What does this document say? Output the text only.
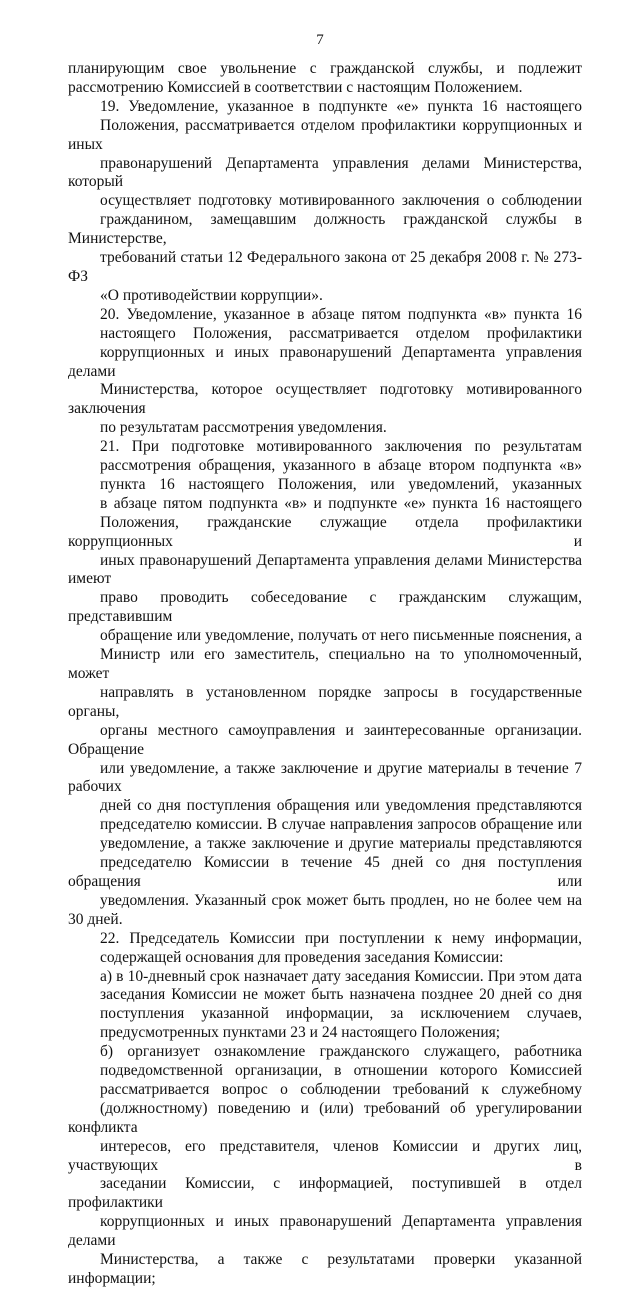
7

планирующим свое увольнение с гражданской службы, и подлежит
рассмотрению Комиссией в соответствии с настоящим Положением.

19. Уведомление, указанное в подпункте «е» пункта 16 настоящего
Положения, рассматривается отделом профилактики коррупционных и иных
правонарушений Департамента управления делами Министерства, который
осуществляет подготовку мотивированного заключения о соблюдении
гражданином, замещавшим должность гражданской службы в Министерстве,
требований статьи 12 Федерального закона от 25 декабря 2008 г. № 273-ФЗ
«О противодействии коррупции».

20. Уведомление, указанное в абзаце пятом подпункта «в» пункта 16
настоящего Положения, рассматривается отделом профилактики
коррупционных и иных правонарушений Департамента управления делами
Министерства, которое осуществляет подготовку мотивированного заключения
по результатам рассмотрения уведомления.

21. При подготовке мотивированного заключения по результатам
рассмотрения обращения, указанного в абзаце втором подпункта «в»
пункта 16 настоящего Положения, или уведомлений, указанных
в абзаце пятом подпункта «в» и подпункте «е» пункта 16 настоящего
Положения, гражданские служащие отдела профилактики коррупционных и
иных правонарушений Департамента управления делами Министерства имеют
право проводить собеседование с гражданским служащим, представившим
обращение или уведомление, получать от него письменные пояснения, а
Министр или его заместитель, специально на то уполномоченный, может
направлять в установленном порядке запросы в государственные органы,
органы местного самоуправления и заинтересованные организации. Обращение
или уведомление, а также заключение и другие материалы в течение 7 рабочих
дней со дня поступления обращения или уведомления представляются
председателю комиссии. В случае направления запросов обращение или
уведомление, а также заключение и другие материалы представляются
председателю Комиссии в течение 45 дней со дня поступления обращения или
уведомления. Указанный срок может быть продлен, но не более чем на 30 дней.

22. Председатель Комиссии при поступлении к нему информации,
содержащей основания для проведения заседания Комиссии:

а) в 10-дневный срок назначает дату заседания Комиссии. При этом дата
заседания Комиссии не может быть назначена позднее 20 дней со дня
поступления указанной информации, за исключением случаев,
предусмотренных пунктами 23 и 24 настоящего Положения;

б) организует ознакомление гражданского служащего, работника
подведомственной организации, в отношении которого Комиссией
рассматривается вопрос о соблюдении требований к служебному
(должностному) поведению и (или) требований об урегулировании конфликта
интересов, его представителя, членов Комиссии и других лиц, участвующих в
заседании Комиссии, с информацией, поступившей в отдел профилактики
коррупционных и иных правонарушений Департамента управления делами
Министерства, а также с результатами проверки указанной информации;
